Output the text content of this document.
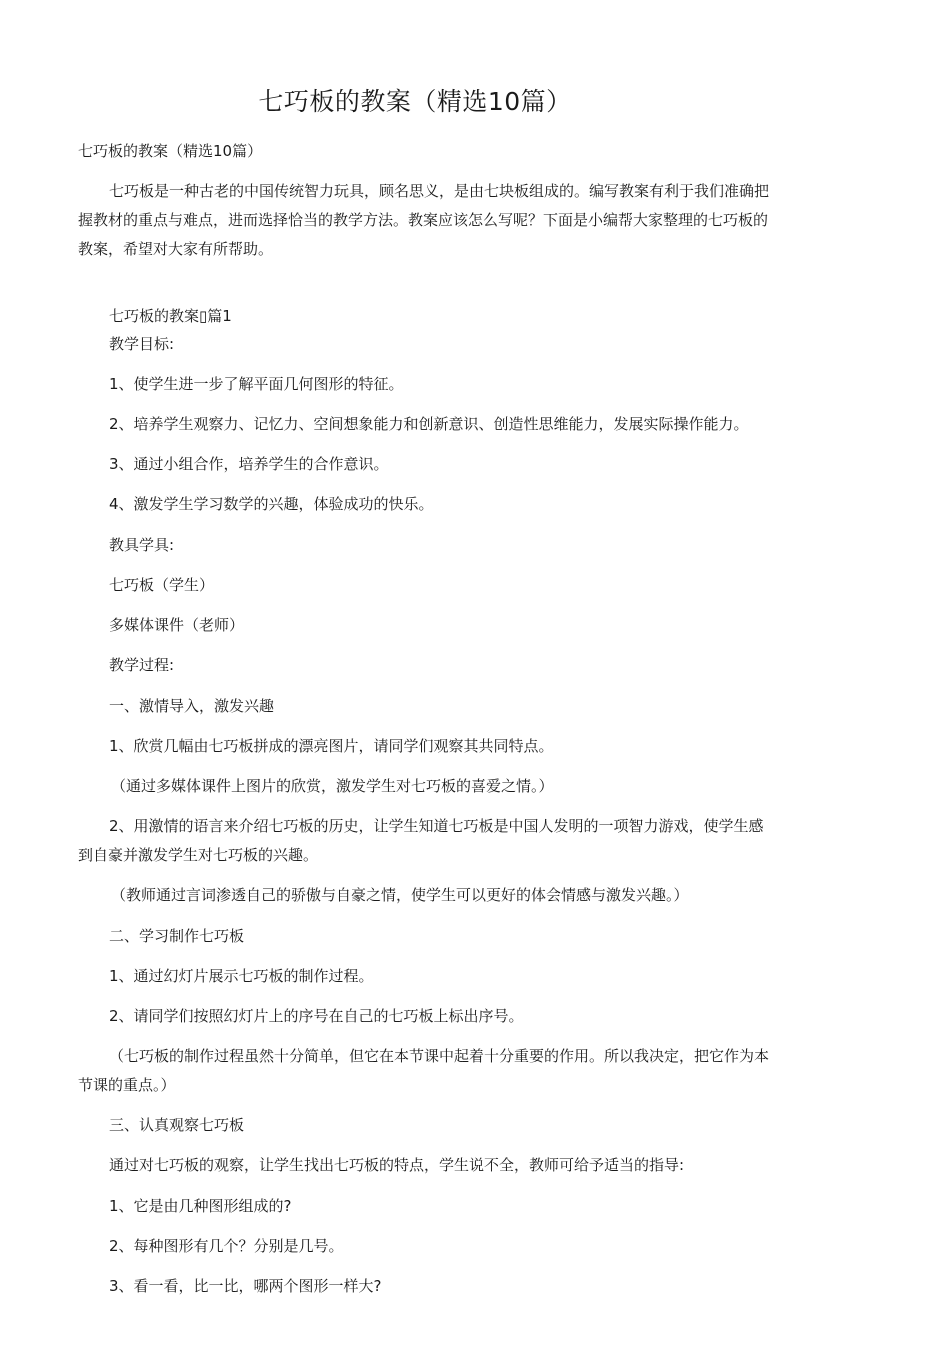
七巧板的教案（精选10篇）
七巧板的教案（精选10篇）
七巧板是一种古老的中国传统智力玩具，顾名思义，是由七块板组成的。编写教案有利于我们准确把握教材的重点与难点，进而选择恰当的教学方法。教案应该怎么写呢？下面是小编帮大家整理的七巧板的教案，希望对大家有所帮助。
七巧板的教案▯篇1
教学目标:
1、使学生进一步了解平面几何图形的特征。
2、培养学生观察力、记忆力、空间想象能力和创新意识、创造性思维能力，发展实际操作能力。
3、通过小组合作，培养学生的合作意识。
4、激发学生学习数学的兴趣，体验成功的快乐。
教具学具:
七巧板（学生）
多媒体课件（老师）
教学过程:
一、激情导入，激发兴趣
1、欣赏几幅由七巧板拼成的漂亮图片，请同学们观察其共同特点。
（通过多媒体课件上图片的欣赏，激发学生对七巧板的喜爱之情。）
2、用激情的语言来介绍七巧板的历史，让学生知道七巧板是中国人发明的一项智力游戏，使学生感到自豪并激发学生对七巧板的兴趣。
（教师通过言词渗透自己的骄傲与自豪之情，使学生可以更好的体会情感与激发兴趣。）
二、学习制作七巧板
1、通过幻灯片展示七巧板的制作过程。
2、请同学们按照幻灯片上的序号在自己的七巧板上标出序号。
（七巧板的制作过程虽然十分简单，但它在本节课中起着十分重要的作用。所以我决定，把它作为本节课的重点。）
三、认真观察七巧板
通过对七巧板的观察，让学生找出七巧板的特点，学生说不全，教师可给予适当的指导:
1、它是由几种图形组成的?
2、每种图形有几个？分别是几号。
3、看一看，比一比，哪两个图形一样大?
